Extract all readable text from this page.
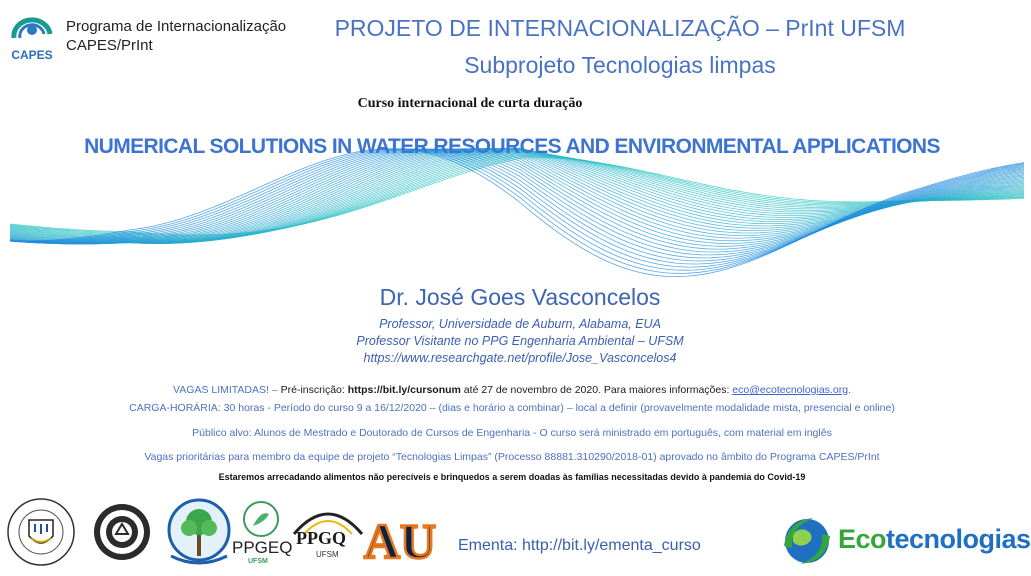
CAPES
Programa de Internacionalização
CAPES/PrInt
PROJETO DE INTERNACIONALIZAÇÃO – PrInt UFSM
Subprojeto Tecnologias limpas
Curso internacional de curta duração
NUMERICAL SOLUTIONS IN WATER RESOURCES AND ENVIRONMENTAL APPLICATIONS
Dr. José Goes Vasconcelos
Professor, Universidade de Auburn, Alabama, EUA
Professor Visitante no PPG Engenharia Ambiental – UFSM
https://www.researchgate.net/profile/Jose_Vasconcelos4
VAGAS LIMITADAS! – Pré-inscrição: https://bit.ly/cursonum até 27 de novembro de 2020. Para maiores informações: eco@ecotecnologias.org.
CARGA-HORÁRIA: 30 horas - Período do curso 9 a 16/12/2020 – (dias e horário a combinar) – local a definir (provavelmente modalidade mista, presencial e online)
Público alvo: Alunos de Mestrado e Doutorado de Cursos de Engenharia - O curso será ministrado em português, com material em inglês
Vagas prioritárias para membro da equipe de projeto “Tecnologias Limpas” (Processo 88881.310290/2018-01) aprovado no âmbito do Programa CAPES/PrInt
Estaremos arrecadando alimentos não perecíveis e brinquedos a serem doadas às famílias necessitadas devido à pandemia do Covid-19
PPGEQ
UFSM
PPGQ
UFSM AU Ementa: http://bit.ly/ementa_curso	Ecotecnologias
